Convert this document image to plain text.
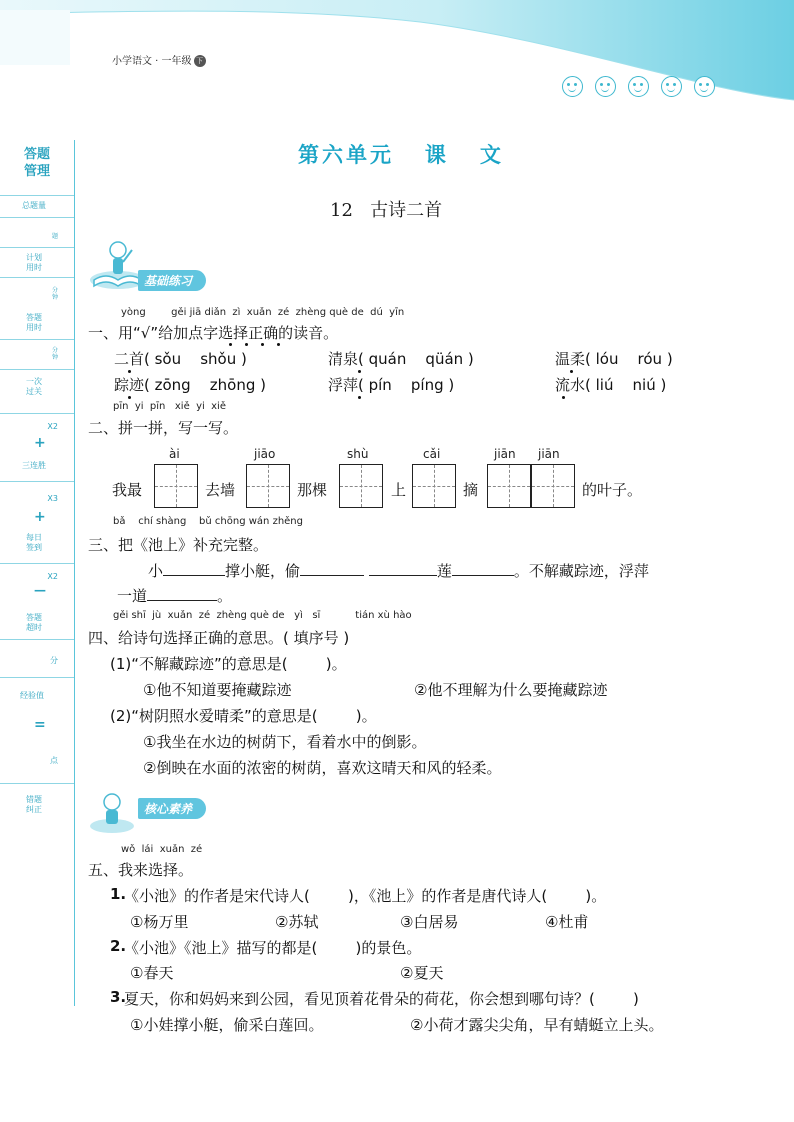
小学语文 · 一年级 下册
答题
管理
总题量
题
计划
用时
分
钟
答题
用时
分
钟
一次
过关
X2
+
三连胜
X3
+
每日
签到
X2
—
答题
超时
分
经验值
=
点
错题
纠正
第六单元   课   文
12   古诗二首
基础练习
yòng        gěi jiā diǎn  zì  xuǎn  zé  zhèng què de  dú  yīn
一、用“√”给加点字选择正确的读音。
二首( sǒu    shǒu )	清泉( quán    qüán )	温柔( lóu    róu )
踪迹( zōng    zhōng )	浮萍( pín    píng )	流水( liú    niú )
pīn  yi  pīn   xiě  yi  xiě
二、拼一拼，写一写。
ài	jiāo	shù	cǎi	jiān jiān
我最	去墙	那棵	上	摘	的叶子。
bǎ    chí shàng    bǔ chōng wán zhěng
三、把《池上》补充完整。
小	撑小艇，偷	莲	。不解藏踪迹，浮萍
一道	。
gěi shī  jù  xuǎn  zé  zhèng què de   yì   sī           tián xù hào
四、给诗句选择正确的意思。( 填序号 )
(1)“不解藏踪迹”的意思是(        )。
①他不知道要掩藏踪迹	②他不理解为什么要掩藏踪迹
(2)“树阴照水爱晴柔”的意思是(        )。
①我坐在水边的树荫下，看着水中的倒影。
②倒映在水面的浓密的树荫，喜欢这晴天和风的轻柔。
核心素养
wǒ  lái  xuǎn  zé
五、我来选择。
1.
《小池》的作者是宋代诗人(        )，《池上》的作者是唐代诗人(        )。
①杨万里	②苏轼	③白居易	④杜甫
2.
《小池》《池上》描写的都是(        )的景色。
①春天	②夏天
3.
夏天，你和妈妈来到公园，看见顶着花骨朵的荷花，你会想到哪句诗？(        )
①小娃撑小艇，偷采白莲回。	②小荷才露尖尖角，早有蜻蜓立上头。
